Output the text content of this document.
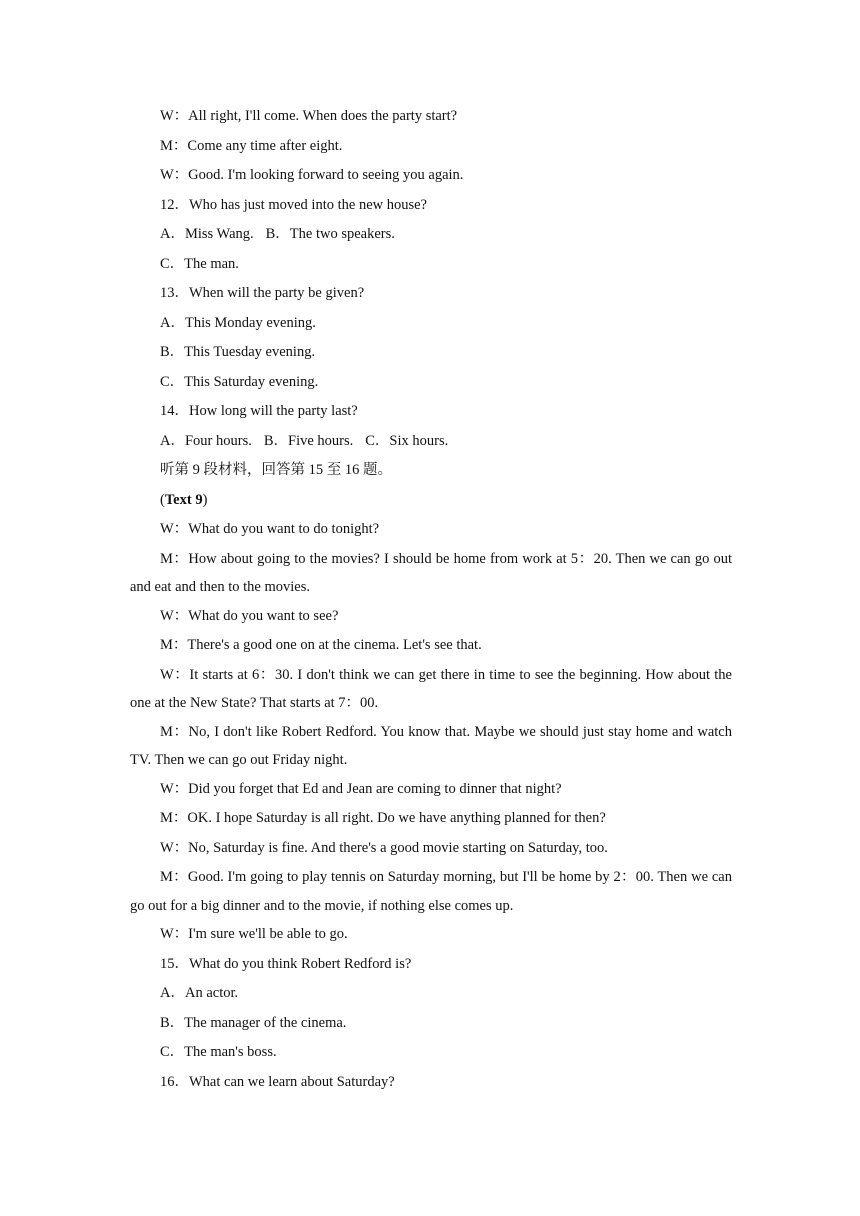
W：All right, I'll come. When does the party start?

M：Come any time after eight.

W：Good. I'm looking forward to seeing you again.

12．Who has just moved into the new house?

A．Miss Wang. B．The two speakers.

C．The man.

13．When will the party be given?

A．This Monday evening.

B．This Tuesday evening.

C．This Saturday evening.

14．How long will the party last?

A．Four hours. B．Five hours. C．Six hours.

听第 9 段材料，回答第 15 至 16 题。

(Text 9)

W：What do you want to do tonight?

M：How about going to the movies? I should be home from work at 5：20. Then we can go out and eat and then to the movies.

W：What do you want to see?

M：There's a good one on at the cinema. Let's see that.

W：It starts at 6：30. I don't think we can get there in time to see the beginning. How about the one at the New State? That starts at 7：00.

M：No, I don't like Robert Redford. You know that. Maybe we should just stay home and watch TV. Then we can go out Friday night.

W：Did you forget that Ed and Jean are coming to dinner that night?

M：OK. I hope Saturday is all right. Do we have anything planned for then?

W：No, Saturday is fine. And there's a good movie starting on Saturday, too.

M：Good. I'm going to play tennis on Saturday morning, but I'll be home by 2：00. Then we can go out for a big dinner and to the movie, if nothing else comes up.

W：I'm sure we'll be able to go.

15．What do you think Robert Redford is?

A．An actor.

B．The manager of the cinema.

C．The man's boss.

16．What can we learn about Saturday?
